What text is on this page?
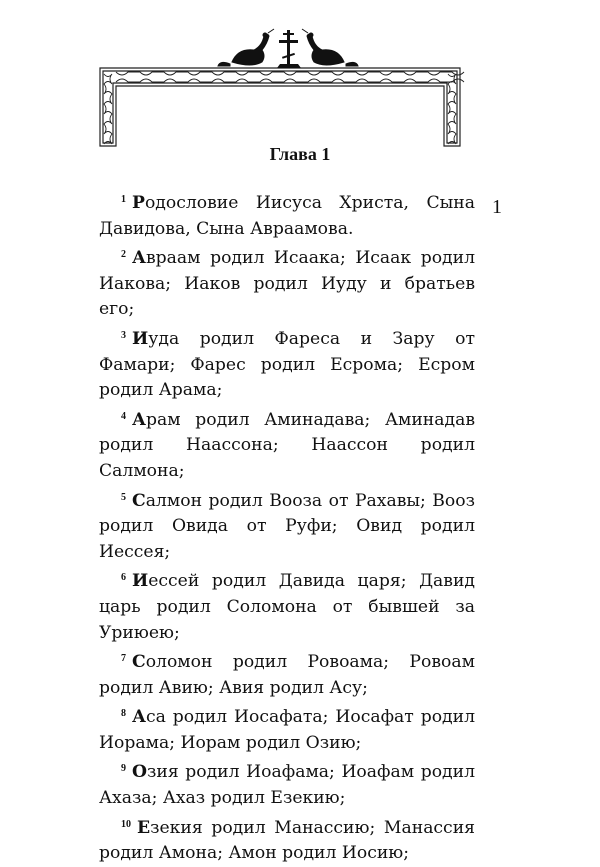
Глава 1
1

$^1$ Родословие Иисуса Христа, Сына Давидова, Сына Авраамова.

$^2$ Авраам родил Исаака; Исаак родил Иакова; Иаков родил Иуду и братьев его;

$^3$ Иуда родил Фареса и Зару от Фамари; Фарес родил Есрома; Есром родил Арама;

$^4$ Арам родил Аминадава; Аминадав родил Наассона; Наассон родил Салмона;

$^5$ Салмон родил Вооза от Рахавы; Вооз родил Овида от Руфи; Овид родил Иессея;

$^6$ Иессей родил Давида царя; Давид царь родил Соломона от бывшей за Уриюею;

$^7$ Соломон родил Ровоама; Ровоам родил Авию; Авия родил Асу;

$^8$ Аса родил Иосафата; Иосафат родил Иорама; Иорам родил Озию;

$^9$ Озия родил Иоафама; Иоафам родил Ахаза; Ахаз родил Езекию;

$^{10}$ Езекия родил Манассию; Манассия родил Амона; Амон родил Иосию;
